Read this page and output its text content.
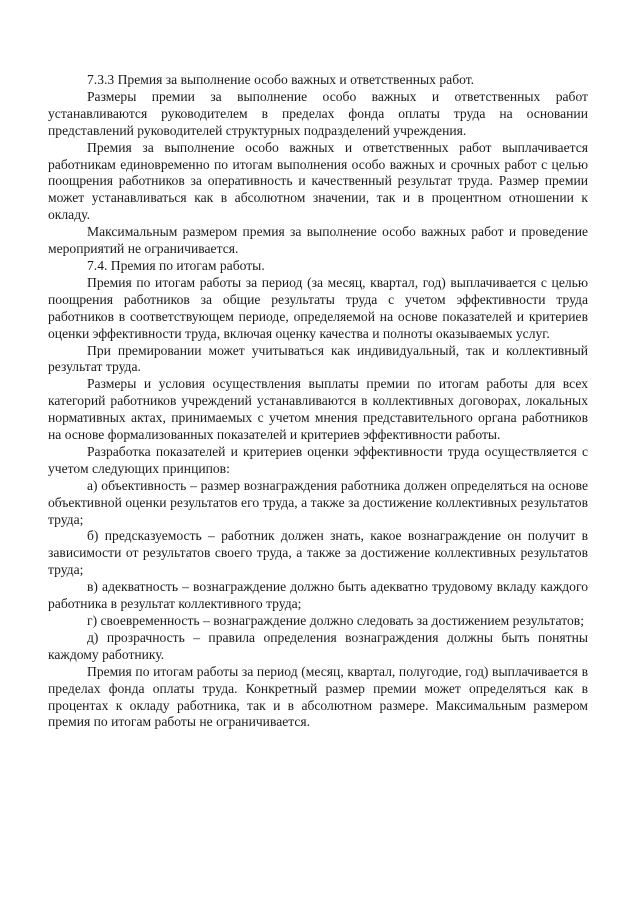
7.3.3 Премия за выполнение особо важных и ответственных работ.

Размеры премии за выполнение особо важных и ответственных работ устанавливаются руководителем в пределах фонда оплаты труда на основании представлений руководителей структурных подразделений учреждения.

Премия за выполнение особо важных и ответственных работ выплачивается работникам единовременно по итогам выполнения особо важных и срочных работ с целью поощрения работников за оперативность и качественный результат труда. Размер премии может устанавливаться как в абсолютном значении, так и в процентном отношении к окладу.

Максимальным размером премия за выполнение особо важных работ и проведение мероприятий не ограничивается.

7.4. Премия по итогам работы.

Премия по итогам работы за период (за месяц, квартал, год) выплачивается с целью поощрения работников за общие результаты труда с учетом эффективности труда работников в соответствующем периоде, определяемой на основе показателей и критериев оценки эффективности труда, включая оценку качества и полноты оказываемых услуг.

При премировании может учитываться как индивидуальный, так и коллективный результат труда.

Размеры и условия осуществления выплаты премии по итогам работы для всех категорий работников учреждений устанавливаются в коллективных договорах, локальных нормативных актах, принимаемых с учетом мнения представительного органа работников на основе формализованных показателей и критериев эффективности работы.

Разработка показателей и критериев оценки эффективности труда осуществляется с учетом следующих принципов:

а) объективность – размер вознаграждения работника должен определяться на основе объективной оценки результатов его труда, а также за достижение коллективных результатов труда;

б) предсказуемость – работник должен знать, какое вознаграждение он получит в зависимости от результатов своего труда, а также за достижение коллективных результатов труда;

в) адекватность – вознаграждение должно быть адекватно трудовому вкладу каждого работника в результат коллективного труда;

г) своевременность – вознаграждение должно следовать за достижением результатов;

д) прозрачность – правила определения вознаграждения должны быть понятны каждому работнику.

Премия по итогам работы за период (месяц, квартал, полугодие, год) выплачивается в пределах фонда оплаты труда. Конкретный размер премии может определяться как в процентах к окладу работника, так и в абсолютном размере. Максимальным размером премия по итогам работы не ограничивается.
